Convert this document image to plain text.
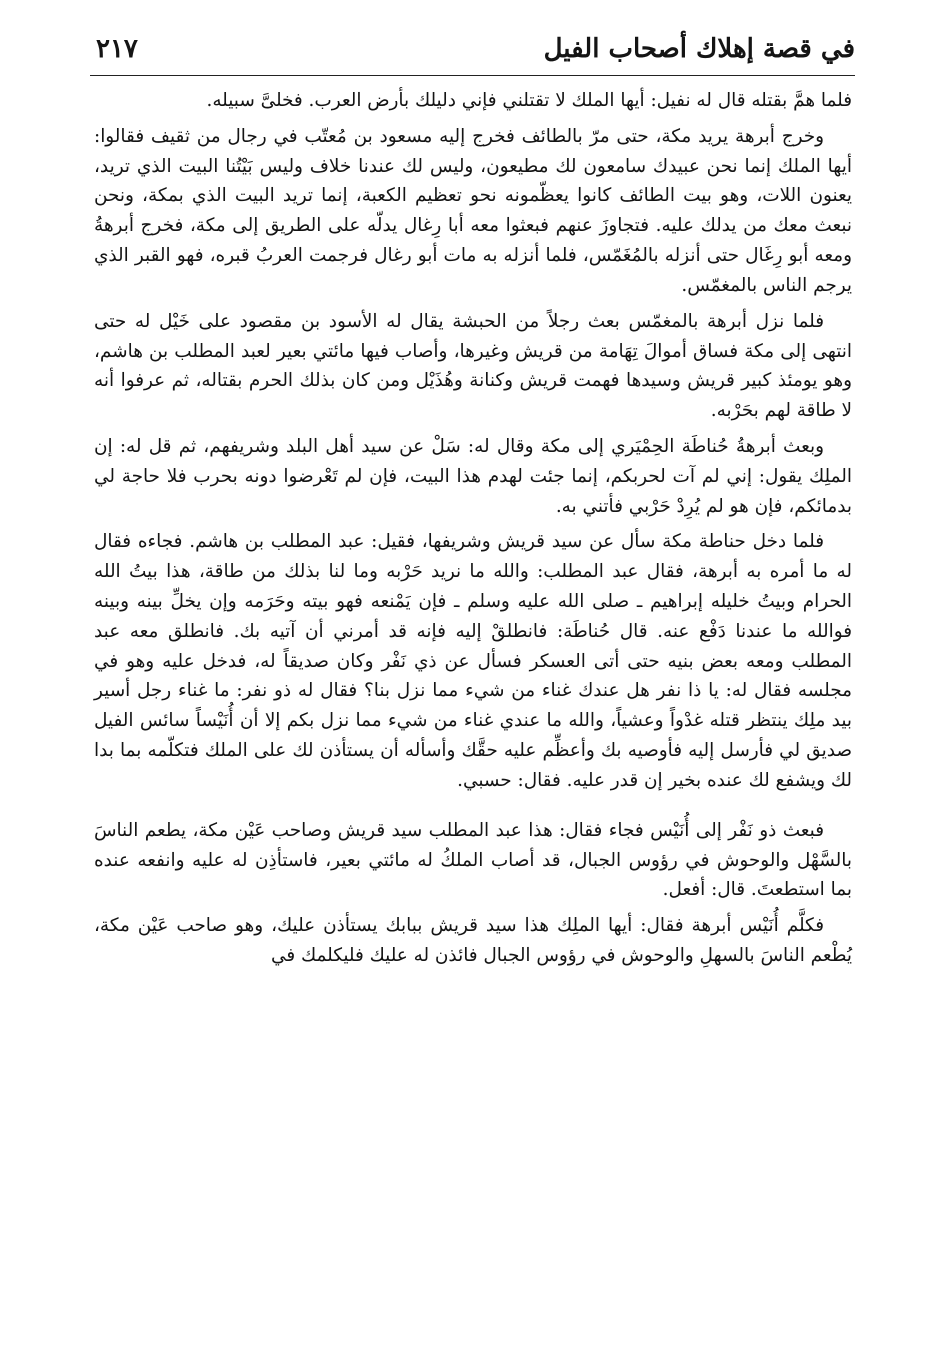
في قصة إهلاك أصحاب الفيل
٢١٧

فلما همَّ بقتله قال له نفيل: أيها الملك لا تقتلني فإني دليلك بأرض العرب. فخلىَّ سبيله.

وخرج أبرهة يريد مكة، حتى مرّ بالطائف فخرج إليه مسعود بن مُعتّب في رجال من ثقيف فقالوا: أيها الملك إنما نحن عبيدك سامعون لك مطيعون، وليس لك عندنا خلاف وليس بَيْتُنا البيت الذي تريد، يعنون اللات، وهو بيت الطائف كانوا يعظّمونه نحو تعظيم الكعبة، إنما تريد البيت الذي بمكة، ونحن نبعث معك من يدلك عليه. فتجاوزَ عنهم فبعثوا معه أبا رِغال يدلّه على الطريق إلى مكة، فخرج أبرهةُ ومعه أبو رِغَال حتى أنزله بالمُغَمّس، فلما أنزله به مات أبو رغال فرجمت العربُ قبره، فهو القبر الذي يرجم الناس بالمغمّس.

فلما نزل أبرهة بالمغمّس بعث رجلاً من الحبشة يقال له الأسود بن مقصود على خَيْل له حتى انتهى إلى مكة فساق أموالَ تِهَامة من قريش وغيرها، وأصاب فيها مائتي بعير لعبد المطلب بن هاشم، وهو يومئذ كبير قريش وسيدها فهمت قريش وكنانة وهُذَيْل ومن كان بذلك الحرم بقتاله، ثم عرفوا أنه لا طاقة لهم بحَرْبه.

وبعث أبرهةُ حُناطَة الحِمْيَري إلى مكة وقال له: سَلْ عن سيد أهل البلد وشريفهم، ثم قل له: إن الملِك يقول: إني لم آت لحربكم، إنما جئت لهدم هذا البيت، فإن لم تَعْرضوا دونه بحرب فلا حاجة لي بدمائكم، فإن هو لم يُرِدْ حَرْبي فأتني به.

فلما دخل حناطة مكة سأل عن سيد قريش وشريفها، فقيل: عبد المطلب بن هاشم. فجاءه فقال له ما أمره به أبرهة، فقال عبد المطلب: والله ما نريد حَرْبه وما لنا بذلك من طاقة، هذا بيتُ الله الحرام وبيتُ خليله إبراهيم ـ صلى الله عليه وسلم ـ فإن يَمْنعه فهو بيته وحَرَمه وإن يخلِّ بينه وبينه فوالله ما عندنا دَفْع عنه. قال حُناطَة: فانطلقْ إليه فإنه قد أمرني أن آتيه بك. فانطلق معه عبد المطلب ومعه بعض بنيه حتى أتى العسكر فسأل عن ذي نَفْر وكان صديقاً له، فدخل عليه وهو في مجلسه فقال له: يا ذا نفر هل عندك غناء من شيء مما نزل بنا؟ فقال له ذو نفر: ما غناء رجل أسير بيد ملِك ينتظر قتله غدْواً وعشياً، والله ما عندي غناء من شيء مما نزل بكم إلا أن أُنَيْساً سائس الفيل صديق لي فأرسل إليه فأوصيه بك وأعظِّم عليه حقَّك وأسأله أن يستأذن لك على الملك فتكلّمه بما بدا لك ويشفع لك عنده بخير إن قدر عليه. فقال: حسبي.

فبعث ذو نَفْر إلى أُنَيْس فجاء فقال: هذا عبد المطلب سيد قريش وصاحب عَيْن مكة، يطعم الناسَ بالسَّهْل والوحوش في رؤوس الجبال، قد أصاب الملكُ له مائتي بعير، فاستأذِن له عليه وانفعه عنده بما استطعتَ. قال: أفعل.

فكلَّم أُنَيْس أبرهة فقال: أيها الملِك هذا سيد قريش ببابك يستأذن عليك، وهو صاحب عَيْن مكة، يُطْعم الناسَ بالسهلِ والوحوش في رؤوس الجبال فائذن له عليك فليكلمك في
